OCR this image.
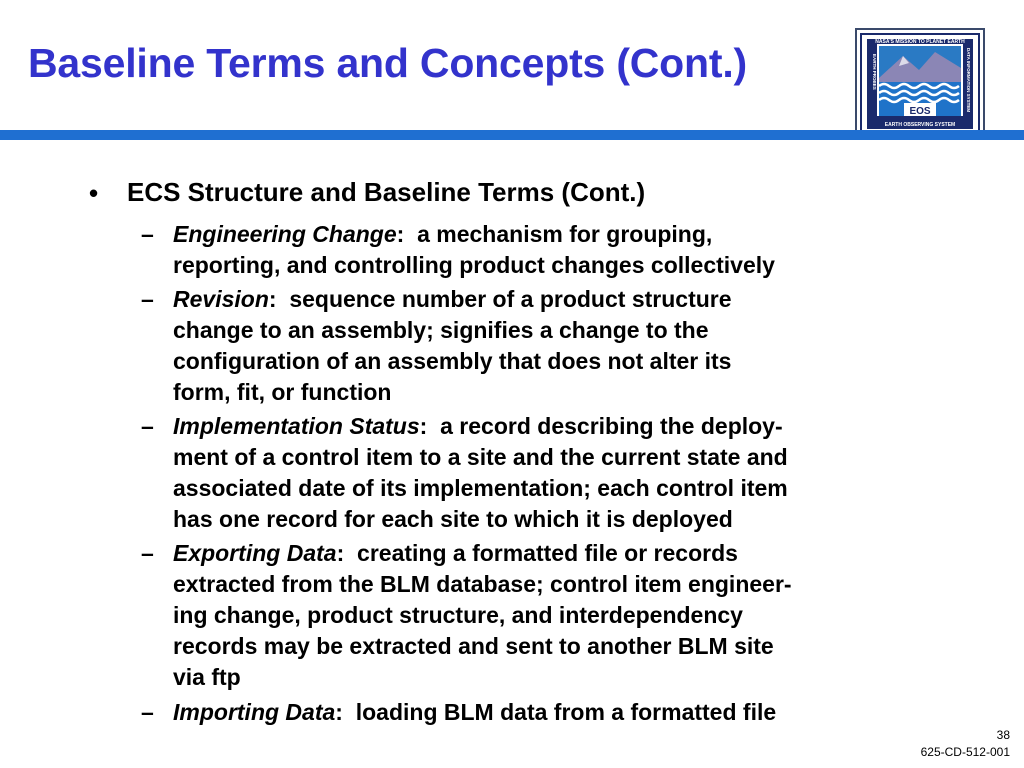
Baseline Terms and Concepts (Cont.)
EOS
NASA'S MISSION TO PLANET EARTH
EARTH OBSERVING SYSTEM
DATA INFORMATION SYSTEM
EARTH PROBES
• ECS Structure and Baseline Terms (Cont.)
– Engineering Change: a mechanism for grouping,
reporting, and controlling product changes collectively
– Revision: sequence number of a product structure
change to an assembly; signifies a change to the
configuration of an assembly that does not alter its
form, fit, or function
– Implementation Status: a record describing the deploy-
ment of a control item to a site and the current state and
associated date of its implementation; each control item
has one record for each site to which it is deployed
– Exporting Data: creating a formatted file or records
extracted from the BLM database; control item engineer-
ing change, product structure, and interdependency
records may be extracted and sent to another BLM site
via ftp
– Importing Data: loading BLM data from a formatted file
38
625-CD-512-001
